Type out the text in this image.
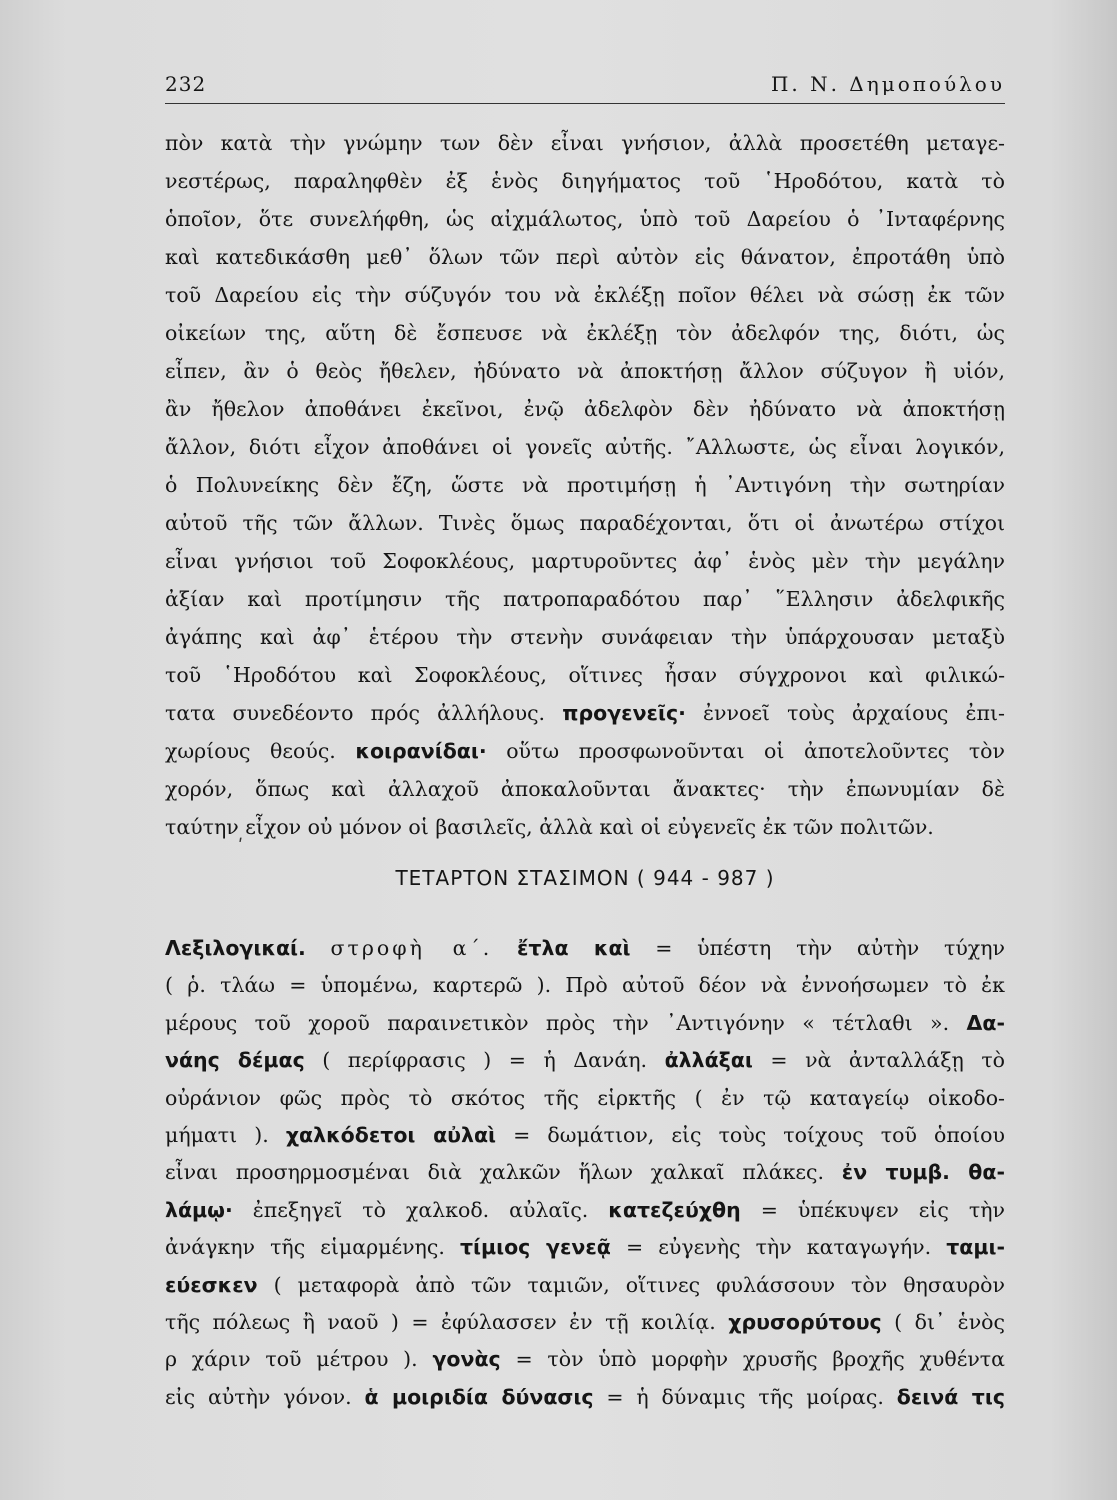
232	Π. Ν. Δημοπούλου
πὸν κατὰ τὴν γνώμην των δὲν εἶναι γνήσιον, ἀλλὰ προσετέθη μεταγε-
νεστέρως, παραληφθὲν ἐξ ἑνὸς διηγήματος τοῦ ῾Ηροδότου, κατὰ τὸ
ὁποῖον, ὅτε συνελήφθη, ὡς αἰχμάλωτος, ὑπὸ τοῦ Δαρείου ὁ ᾿Ινταφέρνης
καὶ κατεδικάσθη μεθ᾿ ὅλων τῶν περὶ αὐτὸν εἰς θάνατον, ἐπροτάθη ὑπὸ
τοῦ Δαρείου εἰς τὴν σύζυγόν του νὰ ἐκλέξῃ ποῖον θέλει νὰ σώσῃ ἐκ τῶν
οἰκείων της, αὕτη δὲ ἔσπευσε νὰ ἐκλέξῃ τὸν ἀδελφόν της, διότι, ὡς
εἶπεν, ἂν ὁ θεὸς ἤθελεν, ἠδύνατο νὰ ἀποκτήσῃ ἄλλον σύζυγον ἢ υἱόν,
ἂν ἤθελον ἀποθάνει ἐκεῖνοι, ἐνῷ ἀδελφὸν δὲν ἠδύνατο νὰ ἀποκτήσῃ
ἄλλον, διότι εἶχον ἀποθάνει οἱ γονεῖς αὐτῆς. ῎Αλλωστε, ὡς εἶναι λογικόν,
ὁ Πολυνείκης δὲν ἔζη, ὥστε νὰ προτιμήσῃ ἡ ᾿Αντιγόνη τὴν σωτηρίαν
αὐτοῦ τῆς τῶν ἄλλων. Τινὲς ὅμως παραδέχονται, ὅτι οἱ ἀνωτέρω στίχοι
εἶναι γνήσιοι τοῦ Σοφοκλέους, μαρτυροῦντες ἀφ᾿ ἑνὸς μὲν τὴν μεγάλην
ἀξίαν καὶ προτίμησιν τῆς πατροπαραδότου παρ᾿ ῞Ελλησιν ἀδελφικῆς
ἀγάπης καὶ ἀφ᾿ ἑτέρου τὴν στενὴν συνάφειαν τὴν ὑπάρχουσαν μεταξὺ
τοῦ ῾Ηροδότου καὶ Σοφοκλέους, οἵτινες ἦσαν σύγχρονοι καὶ φιλικώ-
τατα συνεδέοντο πρός ἀλλήλους. προγενεῖς· ἐννοεῖ τοὺς ἀρχαίους ἐπι-
χωρίους θεούς. κοιρανίδαι· οὕτω προσφωνοῦνται οἱ ἀποτελοῦντες τὸν
χορόν, ὅπως καὶ ἀλλαχοῦ ἀποκαλοῦνται ἄνακτες· τὴν ἐπωνυμίαν δὲ
ταύτην εἶχον οὐ μόνον οἱ βασιλεῖς, ἀλλὰ καὶ οἱ εὐγενεῖς ἐκ τῶν πολιτῶν.
ʹ
ΤΕΤΑΡΤΟΝ ΣΤΑΣΙΜΟΝ ( 944 - 987 )
Λεξιλογικαί. στροφὴ α΄. ἔτλα καὶ = ὑπέστη τὴν αὐτὴν τύχην
( ῥ. τλάω = ὑπομένω, καρτερῶ ). Πρὸ αὐτοῦ δέον νὰ ἐννοήσωμεν τὸ ἐκ
μέρους τοῦ χοροῦ παραινετικὸν πρὸς τὴν ᾿Αντιγόνην « τέτλαθι ». Δα-
νάης δέμας ( περίφρασις ) = ἡ Δανάη. ἀλλάξαι = νὰ ἀνταλλάξῃ τὸ
οὐράνιον φῶς πρὸς τὸ σκότος τῆς εἱρκτῆς ( ἐν τῷ καταγείῳ οἰκοδο-
μήματι ). χαλκόδετοι αὐλαὶ = δωμάτιον, εἰς τοὺς τοίχους τοῦ ὁποίου
εἶναι προσηρμοσμέναι διὰ χαλκῶν ἥλων χαλκαῖ πλάκες. ἐν τυμβ. θα-
λάμῳ· ἐπεξηγεῖ τὸ χαλκοδ. αὐλαῖς. κατεζεύχθη = ὑπέκυψεν εἰς τὴν
ἀνάγκην τῆς εἱμαρμένης. τίμιος γενεᾷ = εὐγενὴς τὴν καταγωγήν. ταμι-
εύεσκεν ( μεταφορὰ ἀπὸ τῶν ταμιῶν, οἵτινες φυλάσσουν τὸν θησαυρὸν
τῆς πόλεως ἢ ναοῦ ) = ἐφύλασσεν ἐν τῇ κοιλίᾳ. χρυσορύτους ( δι᾿ ἑνὸς
ρ χάριν τοῦ μέτρου ). γονὰς = τὸν ὑπὸ μορφὴν χρυσῆς βροχῆς χυθέντα
εἰς αὐτὴν γόνον. ἁ μοιριδία δύνασις = ἡ δύναμις τῆς μοίρας. δεινά τις
